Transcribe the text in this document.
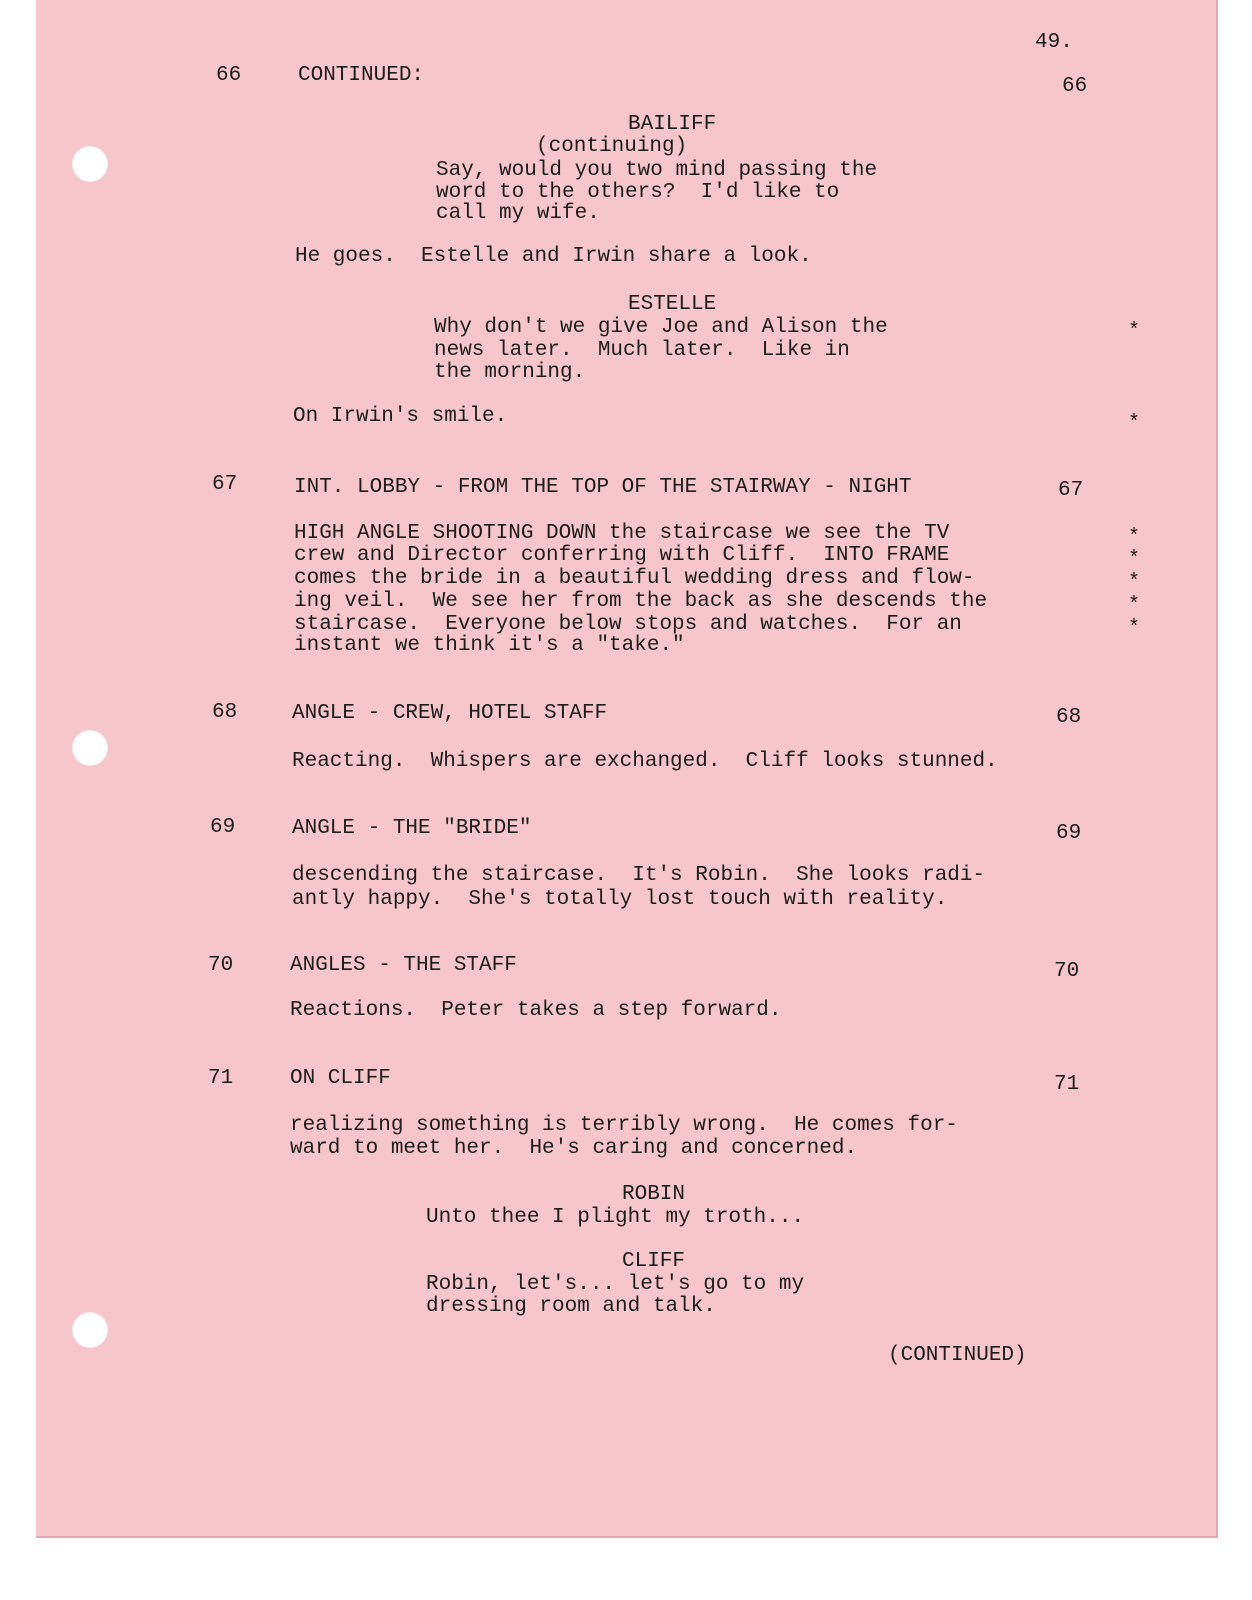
49.
66	CONTINUED:	66
BAILIFF
(continuing)
Say, would you two mind passing the
word to the others?  I'd like to
call my wife.
He goes.  Estelle and Irwin share a look.
ESTELLE
Why don't we give Joe and Alison the
news later.  Much later.  Like in
the morning.
On Irwin's smile.
*
*
67	INT. LOBBY - FROM THE TOP OF THE STAIRWAY - NIGHT	67
HIGH ANGLE SHOOTING DOWN the staircase we see the TV
crew and Director conferring with Cliff.  INTO FRAME
comes the bride in a beautiful wedding dress and flow-
ing veil.  We see her from the back as she descends the
staircase.  Everyone below stops and watches.  For an
instant we think it's a "take."
*
*
*
*
*
68	ANGLE - CREW, HOTEL STAFF	68
Reacting.  Whispers are exchanged.  Cliff looks stunned.
69	ANGLE - THE "BRIDE"	69
descending the staircase.  It's Robin.  She looks radi-
antly happy.  She's totally lost touch with reality.
70	ANGLES - THE STAFF	70
Reactions.  Peter takes a step forward.
71	ON CLIFF	71
realizing something is terribly wrong.  He comes for-
ward to meet her.  He's caring and concerned.
ROBIN
Unto thee I plight my troth...
CLIFF
Robin, let's... let's go to my
dressing room and talk.
(CONTINUED)
